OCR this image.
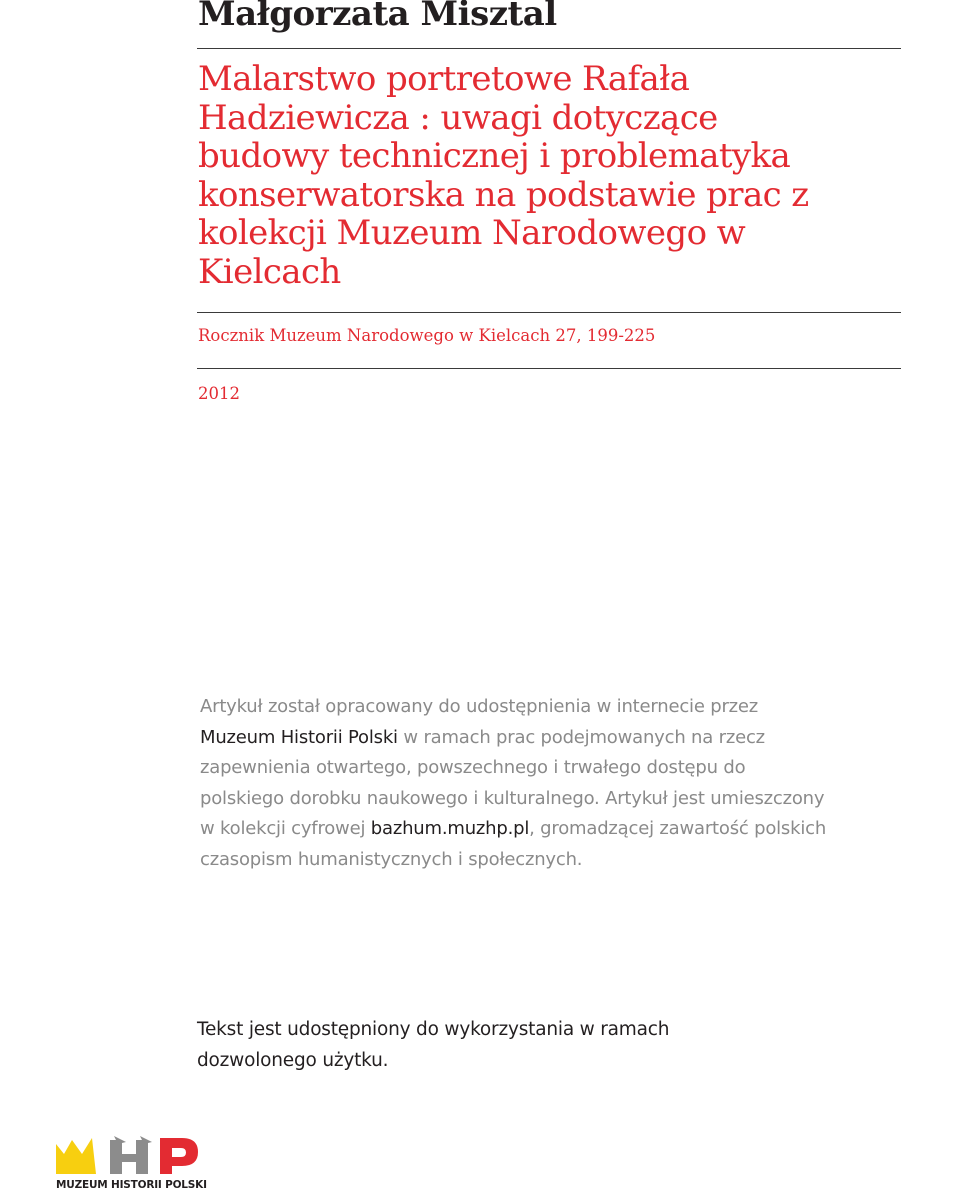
Małgorzata Misztal
Malarstwo portretowe Rafała
Hadziewicza : uwagi dotyczące
budowy technicznej i problematyka
konserwatorska na podstawie prac z
kolekcji Muzeum Narodowego w
Kielcach
Rocznik Muzeum Narodowego w Kielcach 27, 199-225
2012
Artykuł został opracowany do udostępnienia w internecie przez
Muzeum Historii Polski w ramach prac podejmowanych na rzecz
zapewnienia otwartego, powszechnego i trwałego dostępu do
polskiego dorobku naukowego i kulturalnego. Artykuł jest umieszczony
w kolekcji cyfrowej bazhum.muzhp.pl, gromadzącej zawartość polskich
czasopism humanistycznych i społecznych.
Tekst jest udostępniony do wykorzystania w ramach
dozwolonego użytku.
MUZEUM HISTORII POLSKI
